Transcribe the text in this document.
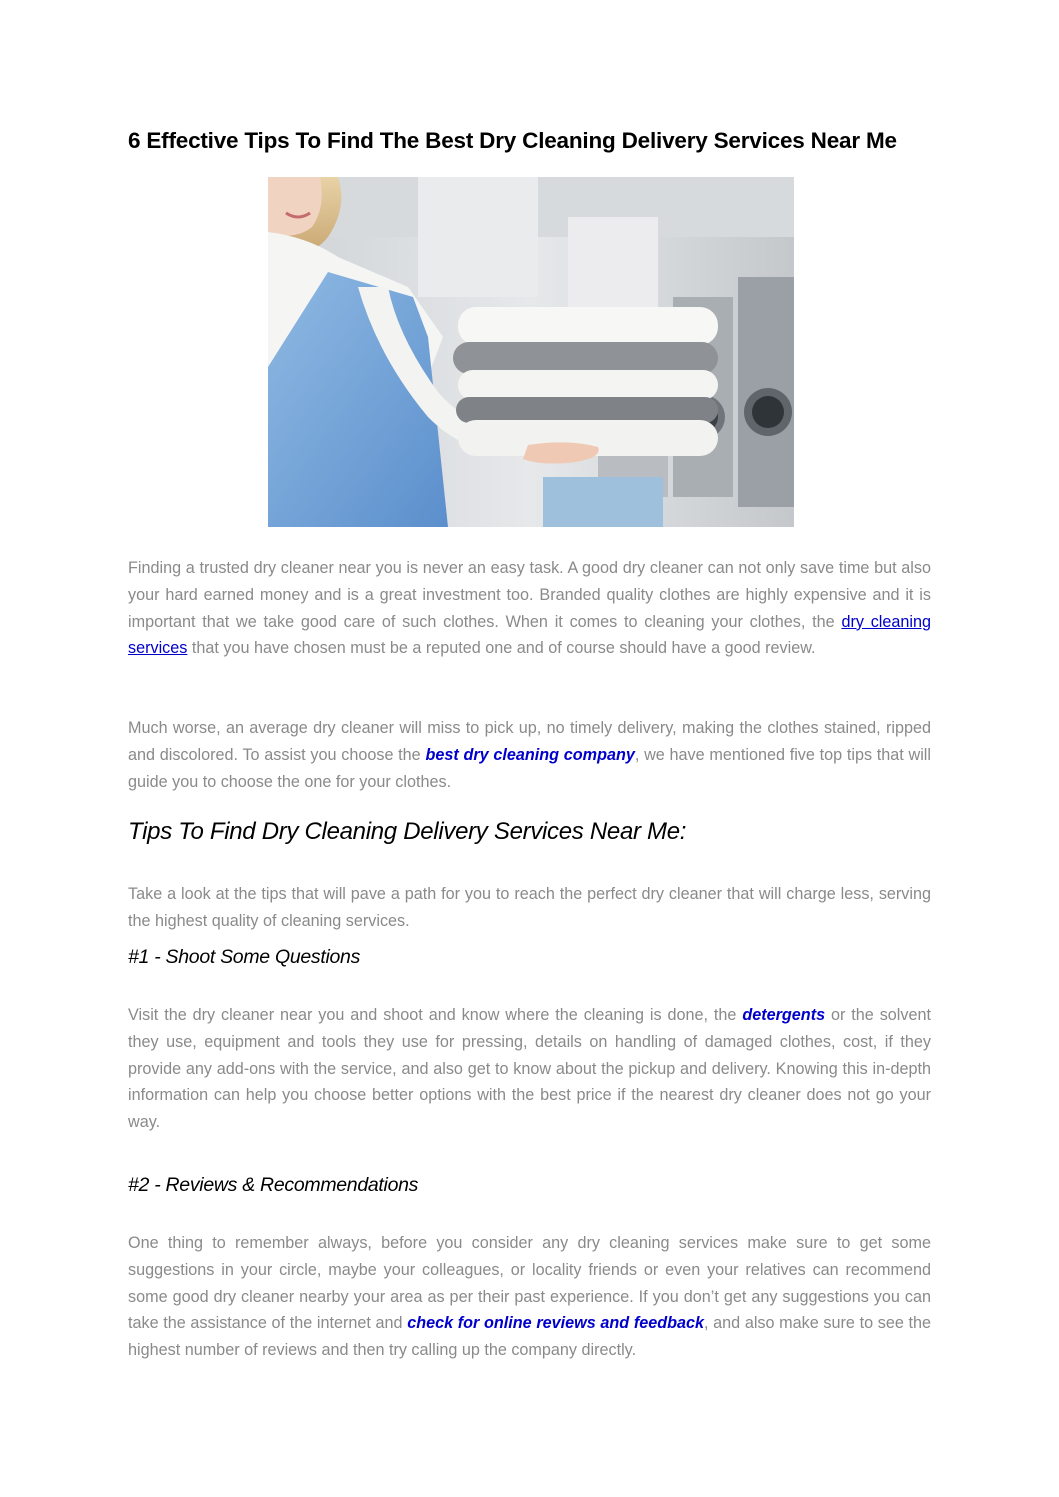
6 Effective Tips To Find The Best Dry Cleaning Delivery Services Near Me

Finding a trusted dry cleaner near you is never an easy task. A good dry cleaner can not only save time but also your hard earned money and is a great investment too. Branded quality clothes are highly expensive and it is important that we take good care of such clothes. When it comes to cleaning your clothes, the dry cleaning services that you have chosen must be a reputed one and of course should have a good review.

Much worse, an average dry cleaner will miss to pick up, no timely delivery, making the clothes stained, ripped and discolored. To assist you choose the best dry cleaning company, we have mentioned five top tips that will guide you to choose the one for your clothes.

Tips To Find Dry Cleaning Delivery Services Near Me:

Take a look at the tips that will pave a path for you to reach the perfect dry cleaner that will charge less, serving the highest quality of cleaning services.

#1 - Shoot Some Questions

Visit the dry cleaner near you and shoot and know where the cleaning is done, the detergents or the solvent they use, equipment and tools they use for pressing, details on handling of damaged clothes, cost, if they provide any add-ons with the service, and also get to know about the pickup and delivery. Knowing this in-depth information can help you choose better options with the best price if the nearest dry cleaner does not go your way.

#2 - Reviews & Recommendations

One thing to remember always, before you consider any dry cleaning services make sure to get some suggestions in your circle, maybe your colleagues, or locality friends or even your relatives can recommend some good dry cleaner nearby your area as per their past experience. If you don’t get any suggestions you can take the assistance of the internet and check for online reviews and feedback, and also make sure to see the highest number of reviews and then try calling up the company directly.
